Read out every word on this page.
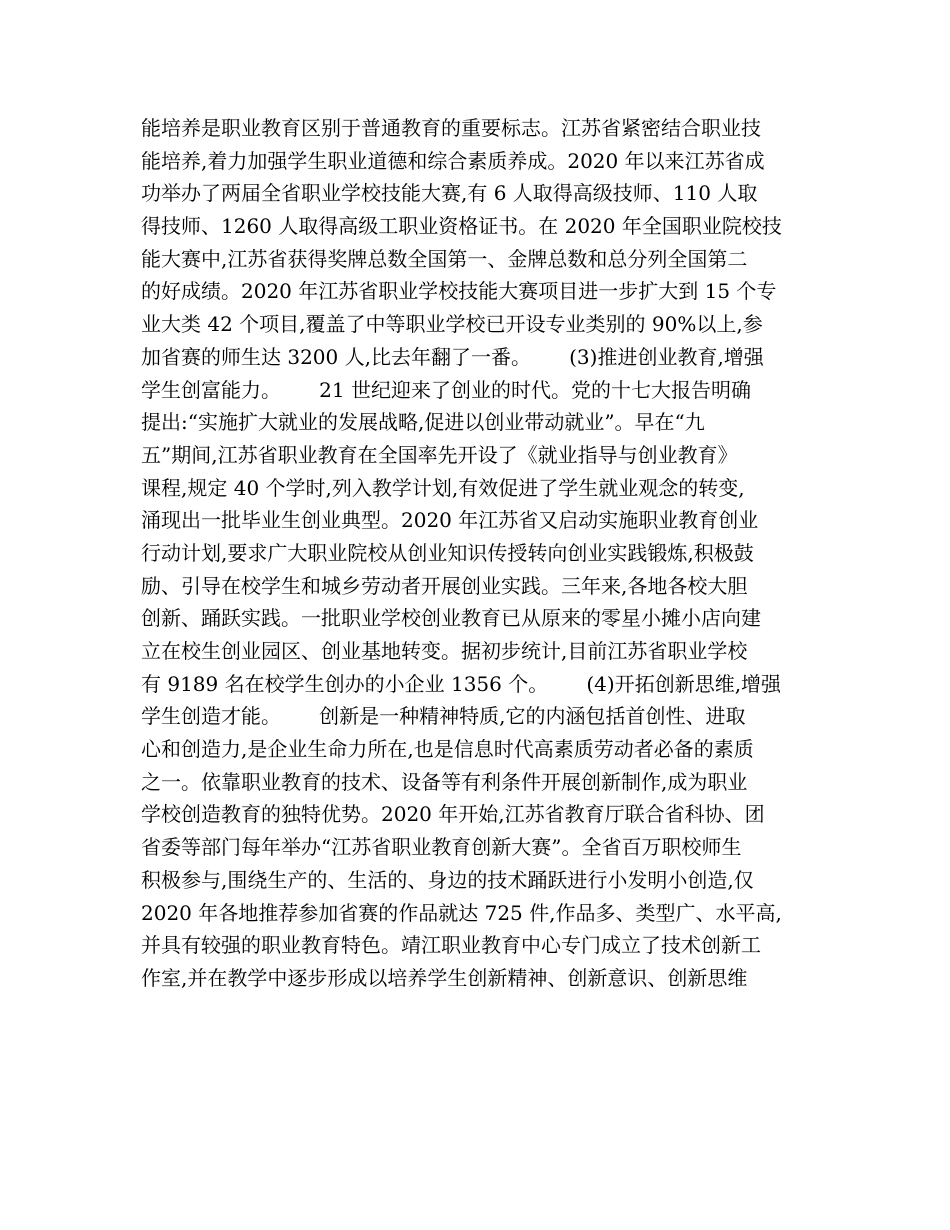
能培养是职业教育区别于普通教育的重要标志。江苏省紧密结合职业技
能培养,着力加强学生职业道德和综合素质养成。2020 年以来江苏省成
功举办了两届全省职业学校技能大赛,有 6 人取得高级技师、110 人取
得技师、1260 人取得高级工职业资格证书。在 2020 年全国职业院校技
能大赛中,江苏省获得奖牌总数全国第一、金牌总数和总分列全国第二
的好成绩。2020 年江苏省职业学校技能大赛项目进一步扩大到 15 个专
业大类 42 个项目,覆盖了中等职业学校已开设专业类别的 90%以上,参
加省赛的师生达 3200 人,比去年翻了一番。      (3)推进创业教育,增强
学生创富能力。      21 世纪迎来了创业的时代。党的十七大报告明确
提出:“实施扩大就业的发展战略,促进以创业带动就业”。早在“九
五”期间,江苏省职业教育在全国率先开设了《就业指导与创业教育》
课程,规定 40 个学时,列入教学计划,有效促进了学生就业观念的转变,
涌现出一批毕业生创业典型。2020 年江苏省又启动实施职业教育创业
行动计划,要求广大职业院校从创业知识传授转向创业实践锻炼,积极鼓
励、引导在校学生和城乡劳动者开展创业实践。三年来,各地各校大胆
创新、踊跃实践。一批职业学校创业教育已从原来的零星小摊小店向建
立在校生创业园区、创业基地转变。据初步统计,目前江苏省职业学校
有 9189 名在校学生创办的小企业 1356 个。      (4)开拓创新思维,增强
学生创造才能。      创新是一种精神特质,它的内涵包括首创性、进取
心和创造力,是企业生命力所在,也是信息时代高素质劳动者必备的素质
之一。依靠职业教育的技术、设备等有利条件开展创新制作,成为职业
学校创造教育的独特优势。2020 年开始,江苏省教育厅联合省科协、团
省委等部门每年举办“江苏省职业教育创新大赛”。全省百万职校师生
积极参与,围绕生产的、生活的、身边的技术踊跃进行小发明小创造,仅
2020 年各地推荐参加省赛的作品就达 725 件,作品多、类型广、水平高,
并具有较强的职业教育特色。靖江职业教育中心专门成立了技术创新工
作室,并在教学中逐步形成以培养学生创新精神、创新意识、创新思维
